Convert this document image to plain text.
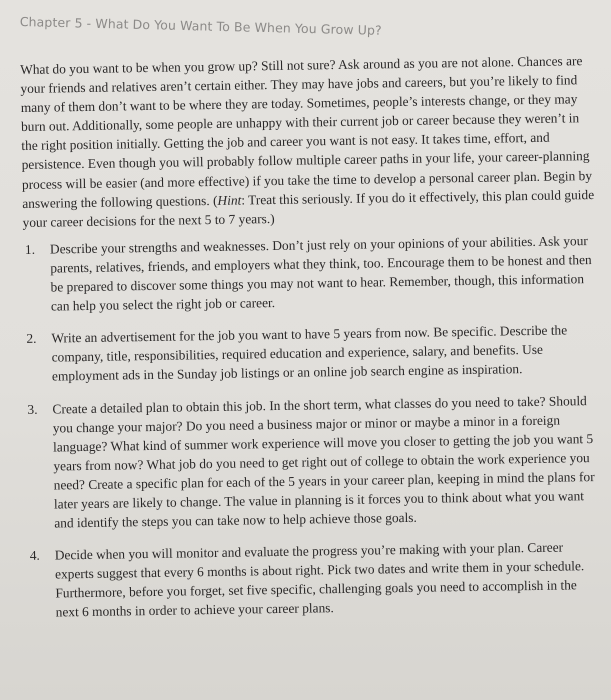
Chapter 5 - What Do You Want To Be When You Grow Up?

What do you want to be when you grow up? Still not sure? Ask around as you are not alone. Chances are your friends and relatives aren’t certain either. They may have jobs and careers, but you’re likely to find many of them don’t want to be where they are today. Sometimes, people’s interests change, or they may burn out. Additionally, some people are unhappy with their current job or career because they weren’t in the right position initially. Getting the job and career you want is not easy. It takes time, effort, and persistence. Even though you will probably follow multiple career paths in your life, your career-planning process will be easier (and more effective) if you take the time to develop a personal career plan. Begin by answering the following questions. (Hint: Treat this seriously. If you do it effectively, this plan could guide your career decisions for the next 5 to 7 years.)

1. Describe your strengths and weaknesses. Don’t just rely on your opinions of your abilities. Ask your parents, relatives, friends, and employers what they think, too. Encourage them to be honest and then be prepared to discover some things you may not want to hear. Remember, though, this information can help you select the right job or career.
2. Write an advertisement for the job you want to have 5 years from now. Be specific. Describe the company, title, responsibilities, required education and experience, salary, and benefits. Use employment ads in the Sunday job listings or an online job search engine as inspiration.
3. Create a detailed plan to obtain this job. In the short term, what classes do you need to take? Should you change your major? Do you need a business major or minor or maybe a minor in a foreign language? What kind of summer work experience will move you closer to getting the job you want 5 years from now? What job do you need to get right out of college to obtain the work experience you need? Create a specific plan for each of the 5 years in your career plan, keeping in mind the plans for later years are likely to change. The value in planning is it forces you to think about what you want and identify the steps you can take now to help achieve those goals.
4. Decide when you will monitor and evaluate the progress you’re making with your plan. Career experts suggest that every 6 months is about right. Pick two dates and write them in your schedule. Furthermore, before you forget, set five specific, challenging goals you need to accomplish in the next 6 months in order to achieve your career plans.
